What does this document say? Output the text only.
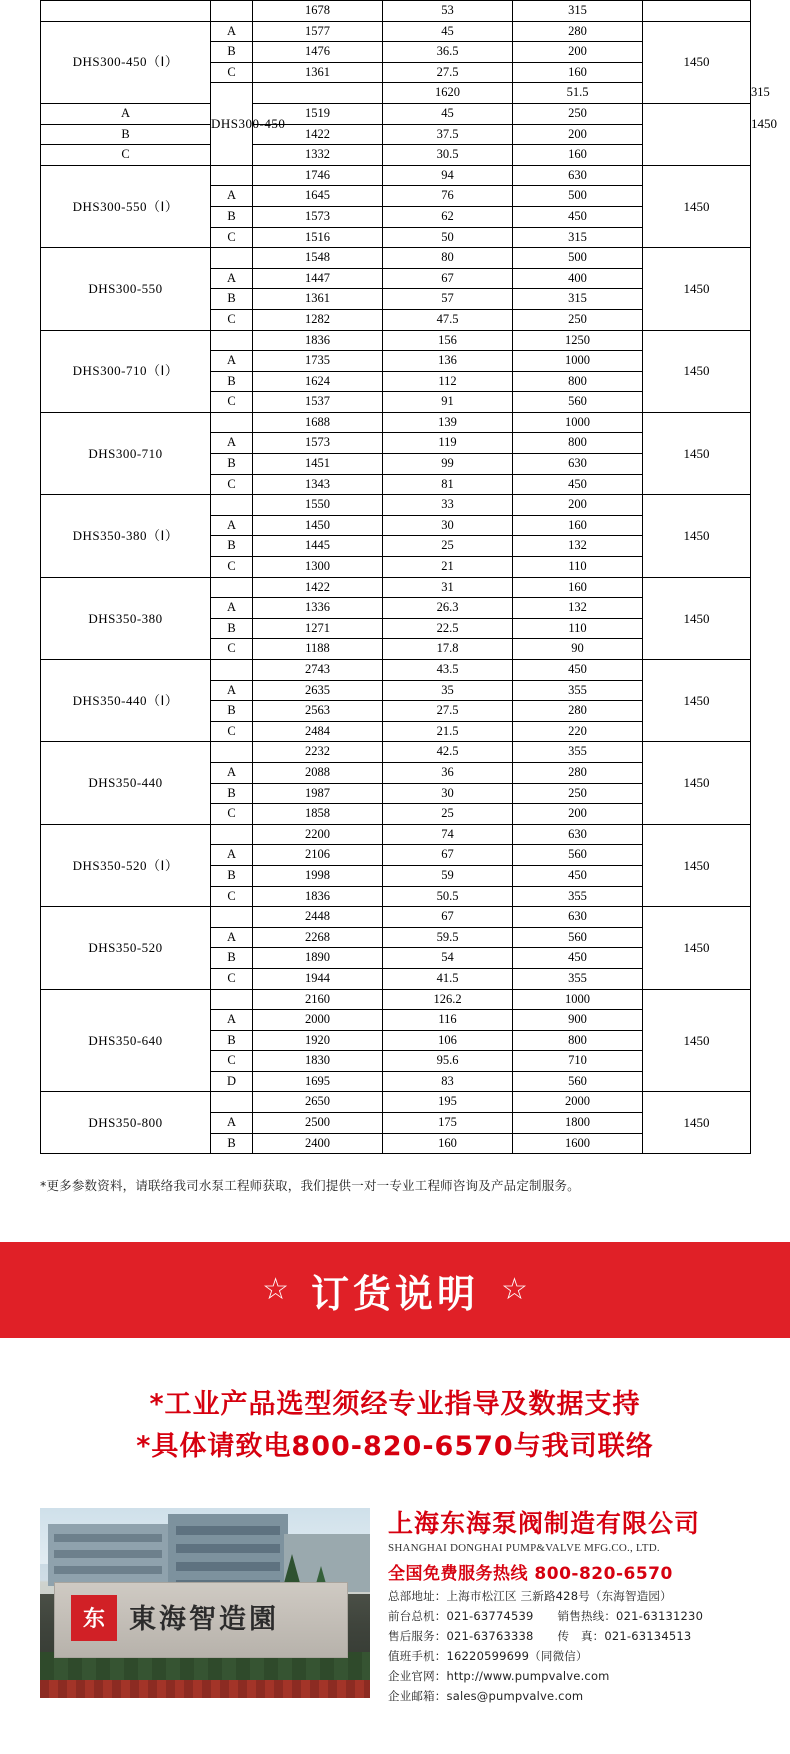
		1678	53	315		
DHS300-450（Ⅰ）	A	1577	45	280	1450	
	B	1476	36.5	200		
	C	1361	27.5	160		
	DHS300-450		1620	51.5		315	1450
A		1519	45	250		
B		1422	37.5	200		
C		1332	30.5	160		
DHS300-550（Ⅰ）		1746	94	630	1450	
	A	1645	76	500		
	B	1573	62	450		
	C	1516	50	315		
DHS300-550		1548	80	500	1450	
	A	1447	67	400		
	B	1361	57	315		
	C	1282	47.5	250		
DHS300-710（Ⅰ）		1836	156	1250	1450	
	A	1735	136	1000		
	B	1624	112	800		
	C	1537	91	560		
DHS300-710		1688	139	1000	1450	
	A	1573	119	800		
	B	1451	99	630		
	C	1343	81	450		
DHS350-380（Ⅰ）		1550	33	200	1450	
	A	1450	30	160		
	B	1445	25	132		
	C	1300	21	110		
DHS350-380		1422	31	160	1450	
	A	1336	26.3	132		
	B	1271	22.5	110		
	C	1188	17.8	90		
DHS350-440（Ⅰ）		2743	43.5	450	1450	
	A	2635	35	355		
	B	2563	27.5	280		
	C	2484	21.5	220		
DHS350-440		2232	42.5	355	1450	
	A	2088	36	280		
	B	1987	30	250		
	C	1858	25	200		
DHS350-520（Ⅰ）		2200	74	630	1450	
	A	2106	67	560		
	B	1998	59	450		
	C	1836	50.5	355		
DHS350-520		2448	67	630	1450	
	A	2268	59.5	560		
	B	1890	54	450		
	C	1944	41.5	355		
DHS350-640		2160	126.2	1000	1450	
	A	2000	116	900		
	B	1920	106	800		
	C	1830	95.6	710		
	D	1695	83	560		
DHS350-800		2650	195	2000	1450	
	A	2500	175	1800		
	B	2400	160	1600		
*更多参数资料，请联络我司水泵工程师获取，我们提供一对一专业工程师咨询及产品定制服务。
☆ 订货说明 ☆
*工业产品选型须经专业指导及数据支持
*具体请致电800-820-6570与我司联络
东 東海智造園
上海东海泵阀制造有限公司
SHANGHAI DONGHAI PUMP&VALVE MFG.CO., LTD.
全国免费服务热线 800-820-6570
总部地址：上海市松江区 三新路428号（东海智造园）
前台总机：021-63774539 销售热线：021-63131230
售后服务：021-63763338 传　真：021-63134513
值班手机：16220599699（同微信）
企业官网：http://www.pumpvalve.com
企业邮箱：sales@pumpvalve.com
